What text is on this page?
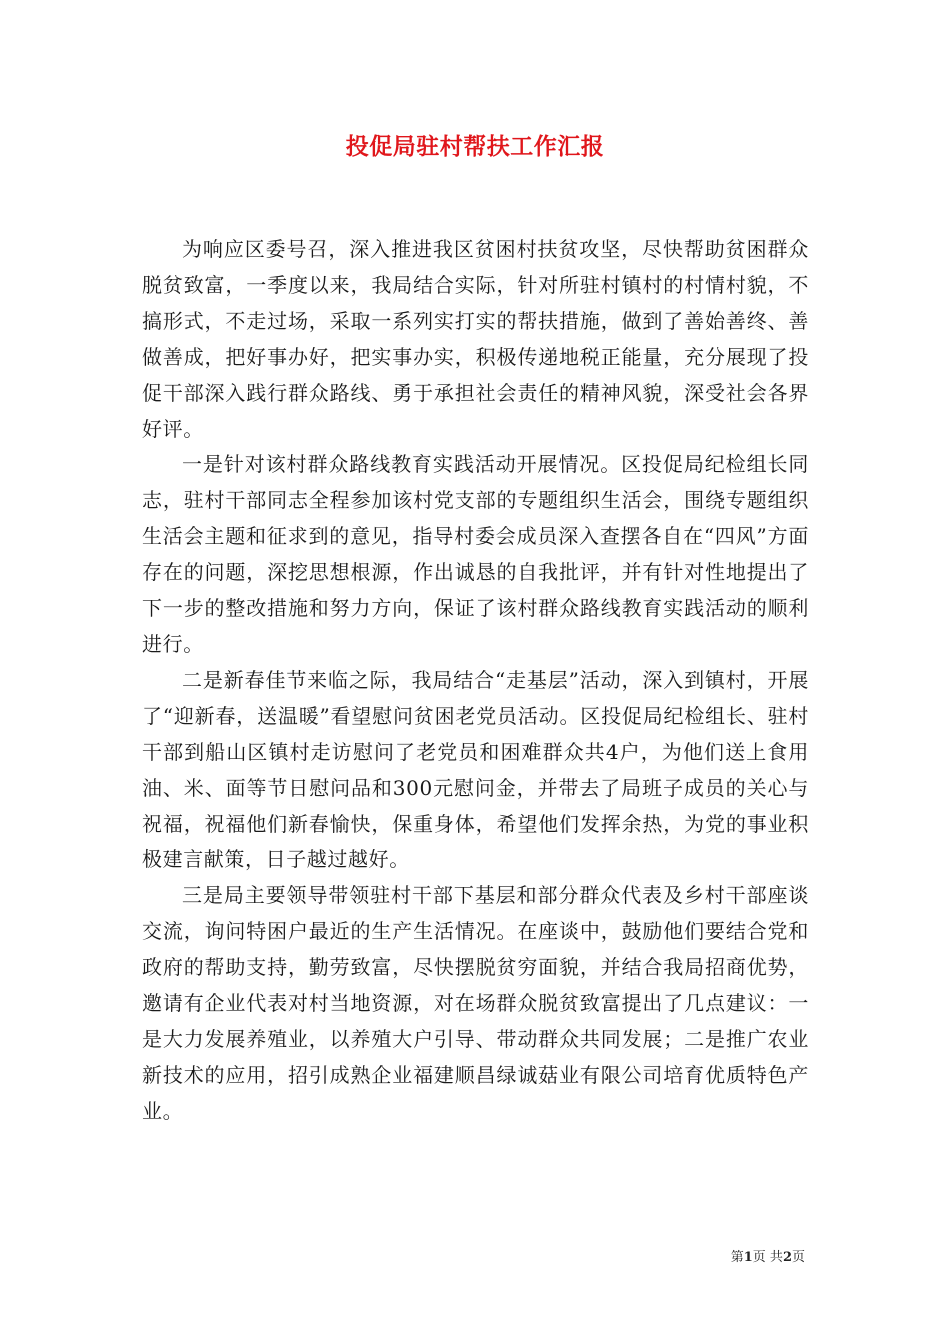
投促局驻村帮扶工作汇报

为响应区委号召，深入推进我区贫困村扶贫攻坚，尽快帮助贫困群众脱贫致富，一季度以来，我局结合实际，针对所驻村镇村的村情村貌，不搞形式，不走过场，采取一系列实打实的帮扶措施，做到了善始善终、善做善成，把好事办好，把实事办实，积极传递地税正能量，充分展现了投促干部深入践行群众路线、勇于承担社会责任的精神风貌，深受社会各界好评。

一是针对该村群众路线教育实践活动开展情况。区投促局纪检组长同志，驻村干部同志全程参加该村党支部的专题组织生活会，围绕专题组织生活会主题和征求到的意见，指导村委会成员深入查摆各自在“四风”方面存在的问题，深挖思想根源，作出诚恳的自我批评，并有针对性地提出了下一步的整改措施和努力方向，保证了该村群众路线教育实践活动的顺利进行。

二是新春佳节来临之际，我局结合“走基层”活动，深入到镇村，开展了“迎新春，送温暖”看望慰问贫困老党员活动。区投促局纪检组长、驻村干部到船山区镇村走访慰问了老党员和困难群众共4户，为他们送上食用油、米、面等节日慰问品和300元慰问金，并带去了局班子成员的关心与祝福，祝福他们新春愉快，保重身体，希望他们发挥余热，为党的事业积极建言献策，日子越过越好。

三是局主要领导带领驻村干部下基层和部分群众代表及乡村干部座谈交流，询问特困户最近的生产生活情况。在座谈中，鼓励他们要结合党和政府的帮助支持，勤劳致富，尽快摆脱贫穷面貌，并结合我局招商优势，邀请有企业代表对村当地资源，对在场群众脱贫致富提出了几点建议：一是大力发展养殖业，以养殖大户引导、带动群众共同发展；二是推广农业新技术的应用，招引成熟企业福建顺昌绿诚菇业有限公司培育优质特色产业。

第1页 共2页
